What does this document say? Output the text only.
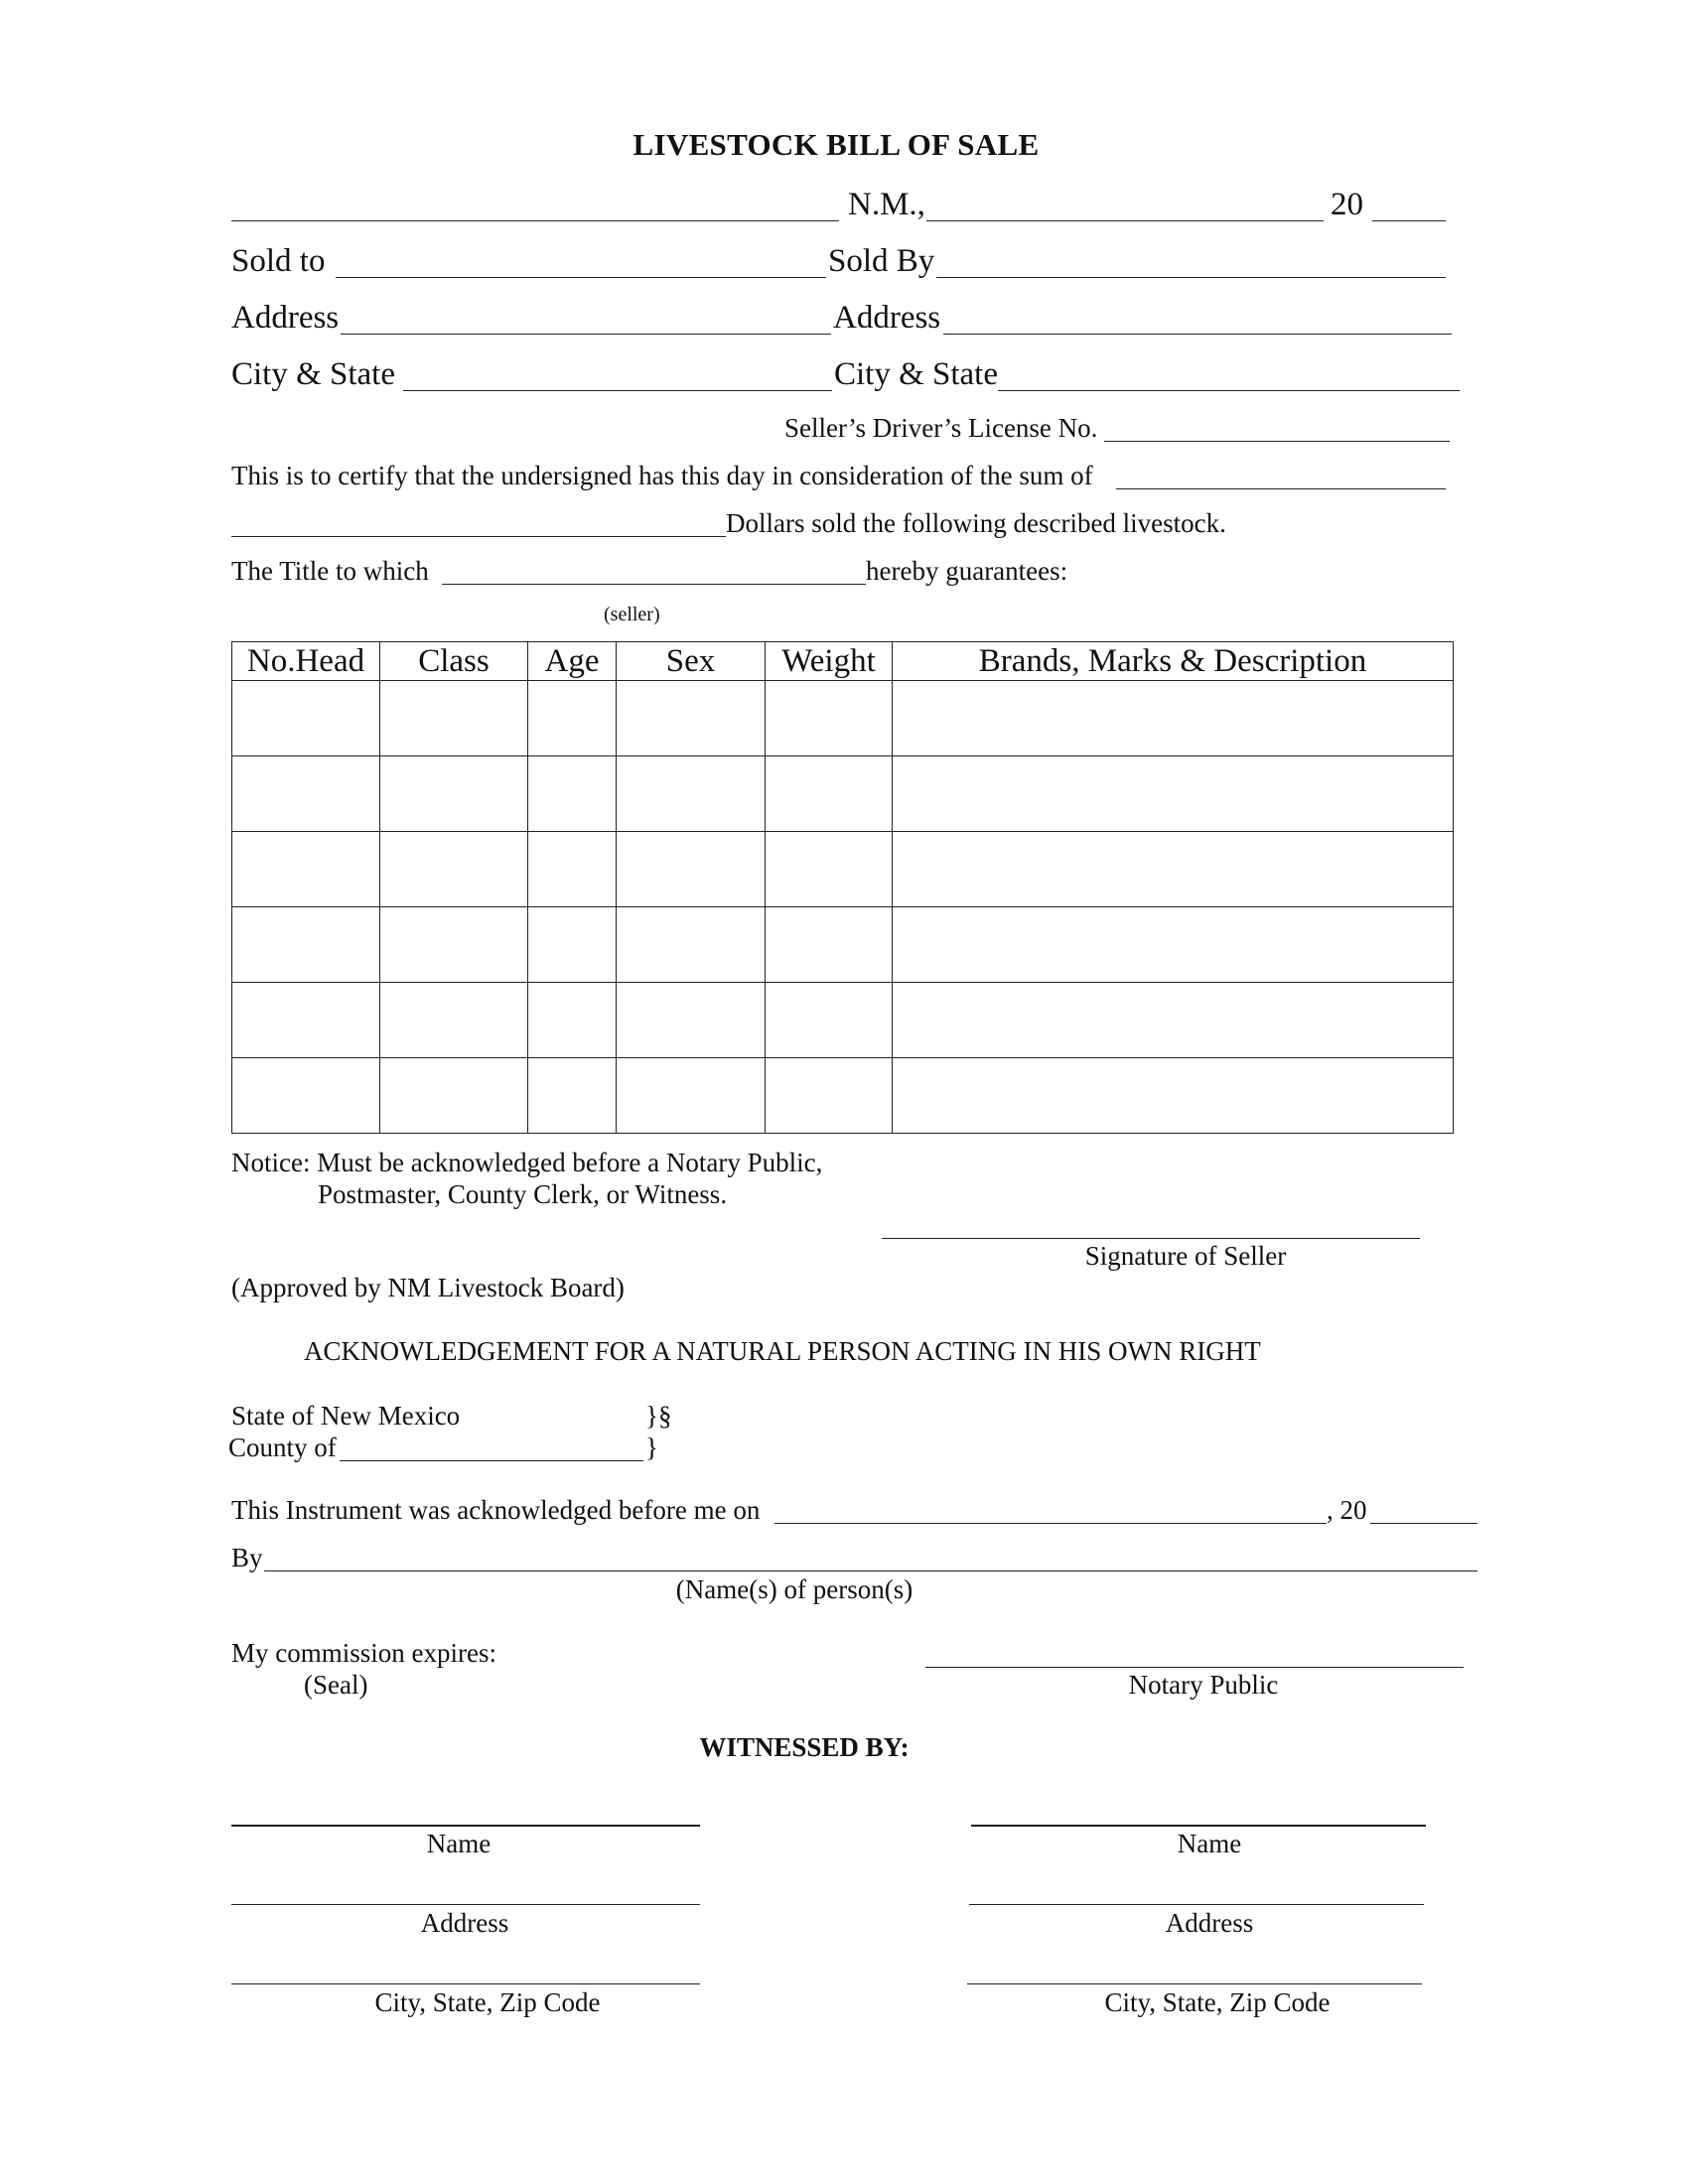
LIVESTOCK BILL OF SALE
N.M.,	20
Sold to	Sold By
Address	Address
City & State	City & State
Seller’s Driver’s License No.
This is to certify that the undersigned has this day in consideration of the sum of
Dollars sold the following described livestock.
The Title to which	hereby guarantees:
(seller)
No.Head	Class	Age	Sex	Weight	Brands, Marks & Description

Notice: Must be acknowledged before a Notary Public,
Postmaster, County Clerk, or Witness.
Signature of Seller
(Approved by NM Livestock Board)
ACKNOWLEDGEMENT FOR A NATURAL PERSON ACTING IN HIS OWN RIGHT
State of New Mexico	}§
County of	}
This Instrument was acknowledged before me on	, 20
By
(Name(s) of person(s)
My commission expires:
(Seal)	Notary Public
WITNESSED BY:
Name
Address
City, State, Zip Code
Name
Address
City, State, Zip Code
